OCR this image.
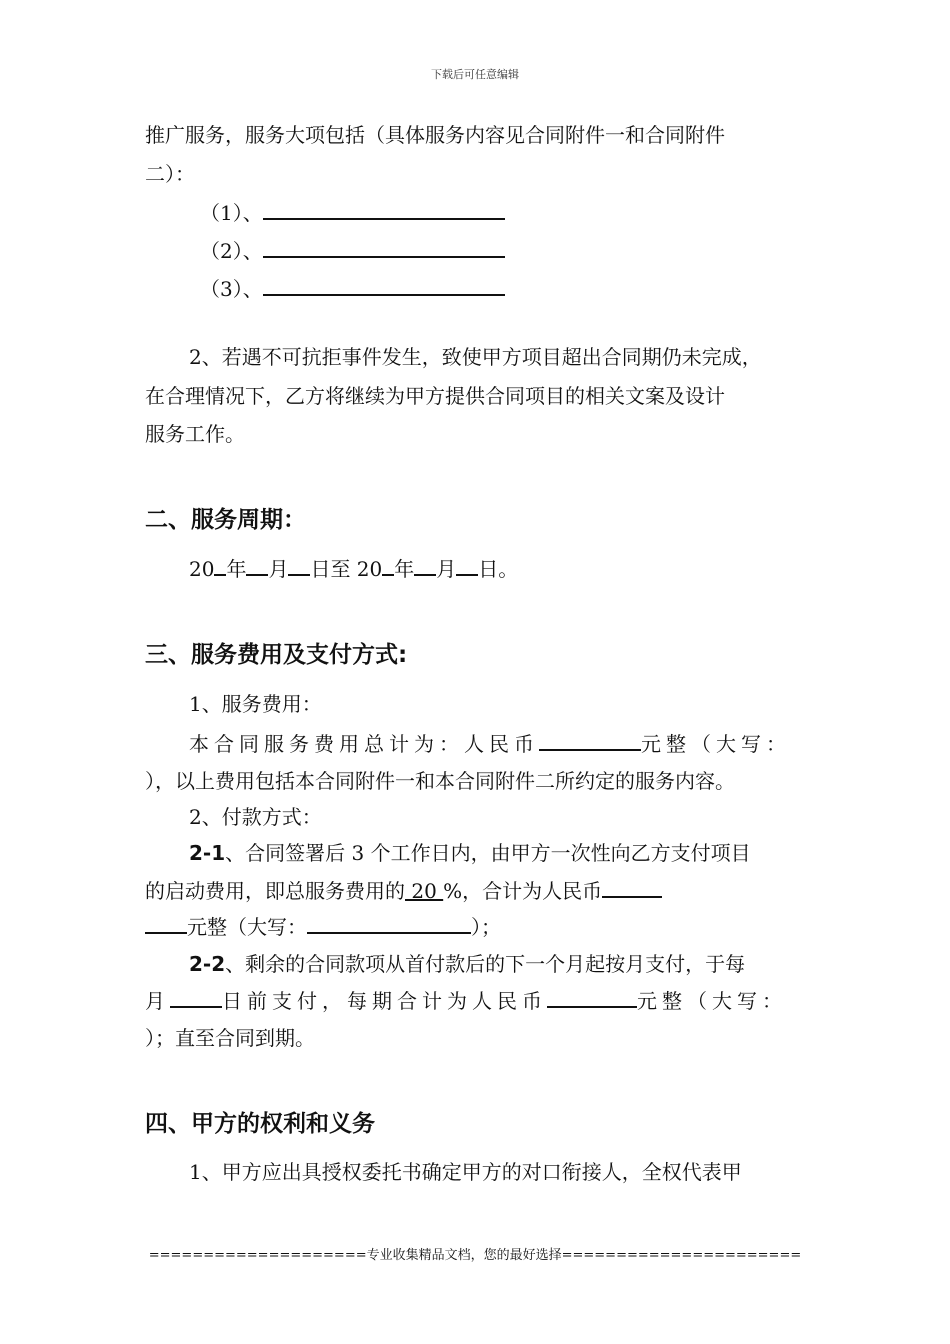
下载后可任意编辑
推广服务，服务大项包括（具体服务内容见合同附件一和合同附件
二）：
（1）、
（2）、
（3）、
2、若遇不可抗拒事件发生，致使甲方项目超出合同期仍未完成，
在合理情况下，乙方将继续为甲方提供合同项目的相关文案及设计
服务工作。
二、服务周期：
20 年 月 日至 20 年 月 日。
三、服务费用及支付方式:
1、服务费用：
本合同服务费用总计为：人民币	元整（大写：
），以上费用包括本合同附件一和本合同附件二所约定的服务内容。
2、付款方式：
2-1、合同签署后 3 个工作日内，由甲方一次性向乙方支付项目
的启动费用，即总服务费用的 20 %，合计为人民币
元整（大写：	）；
2-2、剩余的合同款项从首付款后的下一个月起按月支付，于每
月	日前支付，每期合计为人民币	元整（大写：
）；直至合同到期。
四、甲方的权利和义务
1、甲方应出具授权委托书确定甲方的对口衔接人，全权代表甲
====================专业收集精品文档，您的最好选择======================
